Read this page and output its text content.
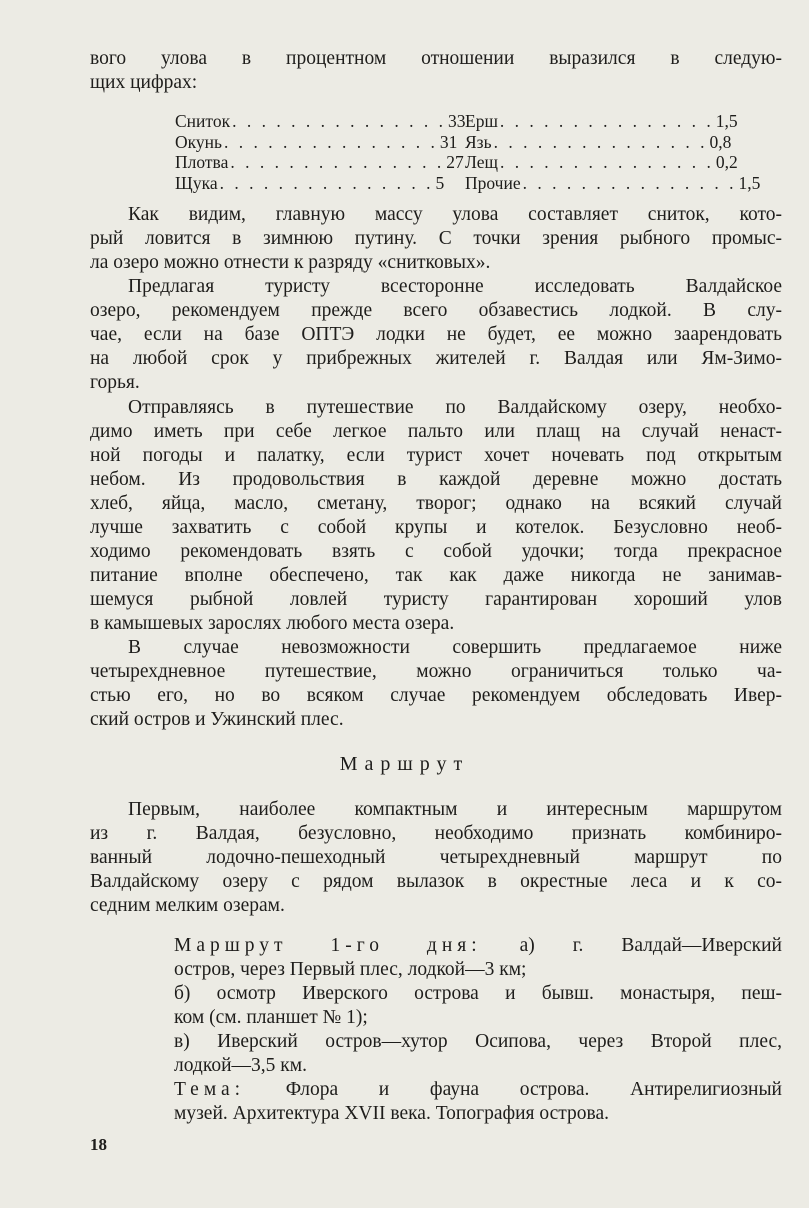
вого улова в процентном отношении выразился в следую-
щих цифрах:
Сниток . . . . . . . . . . . . . . . 33
Окунь . . . . . . . . . . . . . . . 31
Плотва . . . . . . . . . . . . . . . 27
Щука . . . . . . . . . . . . . . . 5
Ерш . . . . . . . . . . . . . . . 1,5
Язь . . . . . . . . . . . . . . . 0,8
Лещ . . . . . . . . . . . . . . . 0,2
Прочие . . . . . . . . . . . . . . . 1,5
Как видим, главную массу улова составляет сниток, кото-
рый ловится в зимнюю путину. С точки зрения рыбного промыс-
ла озеро можно отнести к разряду «снитковых».
Предлагая туристу всесторонне исследовать Валдайское
озеро, рекомендуем прежде всего обзавестись лодкой. В слу-
чае, если на базе ОПТЭ лодки не будет, ее можно заарендовать
на любой срок у прибрежных жителей г. Валдая или Ям-Зимо-
горья.
Отправляясь в путешествие по Валдайскому озеру, необхо-
димо иметь при себе легкое пальто или плащ на случай ненаст-
ной погоды и палатку, если турист хочет ночевать под открытым
небом. Из продовольствия в каждой деревне можно достать
хлеб, яйца, масло, сметану, творог; однако на всякий случай
лучше захватить с собой крупы и котелок. Безусловно необ-
ходимо рекомендовать взять с собой удочки; тогда прекрасное
питание вполне обеспечено, так как даже никогда не занимав-
шемуся рыбной ловлей туристу гарантирован хороший улов
в камышевых зарослях любого места озера.
В случае невозможности совершить предлагаемое ниже
четырехдневное путешествие, можно ограничиться только ча-
стью его, но во всяком случае рекомендуем обследовать Ивер-
ский остров и Ужинский плес.
Маршрут
Первым, наиболее компактным и интересным маршрутом
из г. Валдая, безусловно, необходимо признать комбиниро-
ванный лодочно-пешеходный четырехдневный маршрут по
Валдайскому озеру с рядом вылазок в окрестные леса и к со-
седним мелким озерам.
Маршрут 1-го дня: а) г. Валдай—Иверский
остров, через Первый плес, лодкой—3 км;
б) осмотр Иверского острова и бывш. монастыря, пеш-
ком (см. планшет № 1);
в) Иверский остров—хутор Осипова, через Второй плес,
лодкой—3,5 км.
Тема: Флора и фауна острова. Антирелигиозный
музей. Архитектура XVII века. Топография острова.
18
